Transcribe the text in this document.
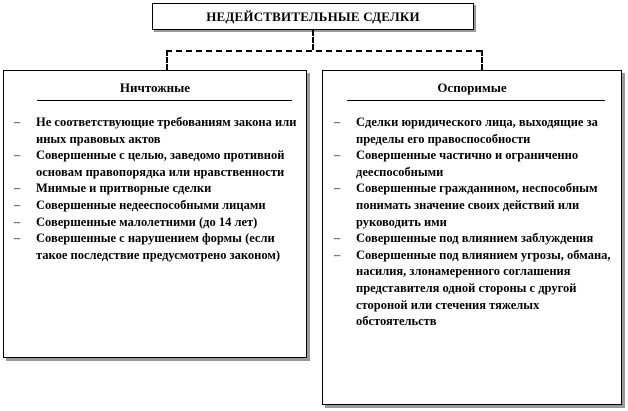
НЕДЕЙСТВИТЕЛЬНЫЕ СДЕЛКИ
Ничтожные
– Не соответствующие требованиям закона или иных правовых актов
– Совершенные с целью, заведомо противной основам правопорядка или нравственности
– Мнимые и притворные сделки
– Совершенные недееспособными лицами
– Совершенные малолетними (до 14 лет)
– Совершенные с нарушением формы (если такое последствие предусмотрено законом)
Оспоримые
– Сделки юридического лица, выходящие за пределы его правоспособности
– Совершенные частично и ограниченно дееспособными
– Совершенные гражданином, неспособным понимать значение своих действий или руководить ими
– Совершенные под влиянием заблуждения
– Совершенные под влиянием угрозы, обмана, насилия, злонамеренного соглашения представителя одной стороны с другой стороной или стечения тяжелых обстоятельств
